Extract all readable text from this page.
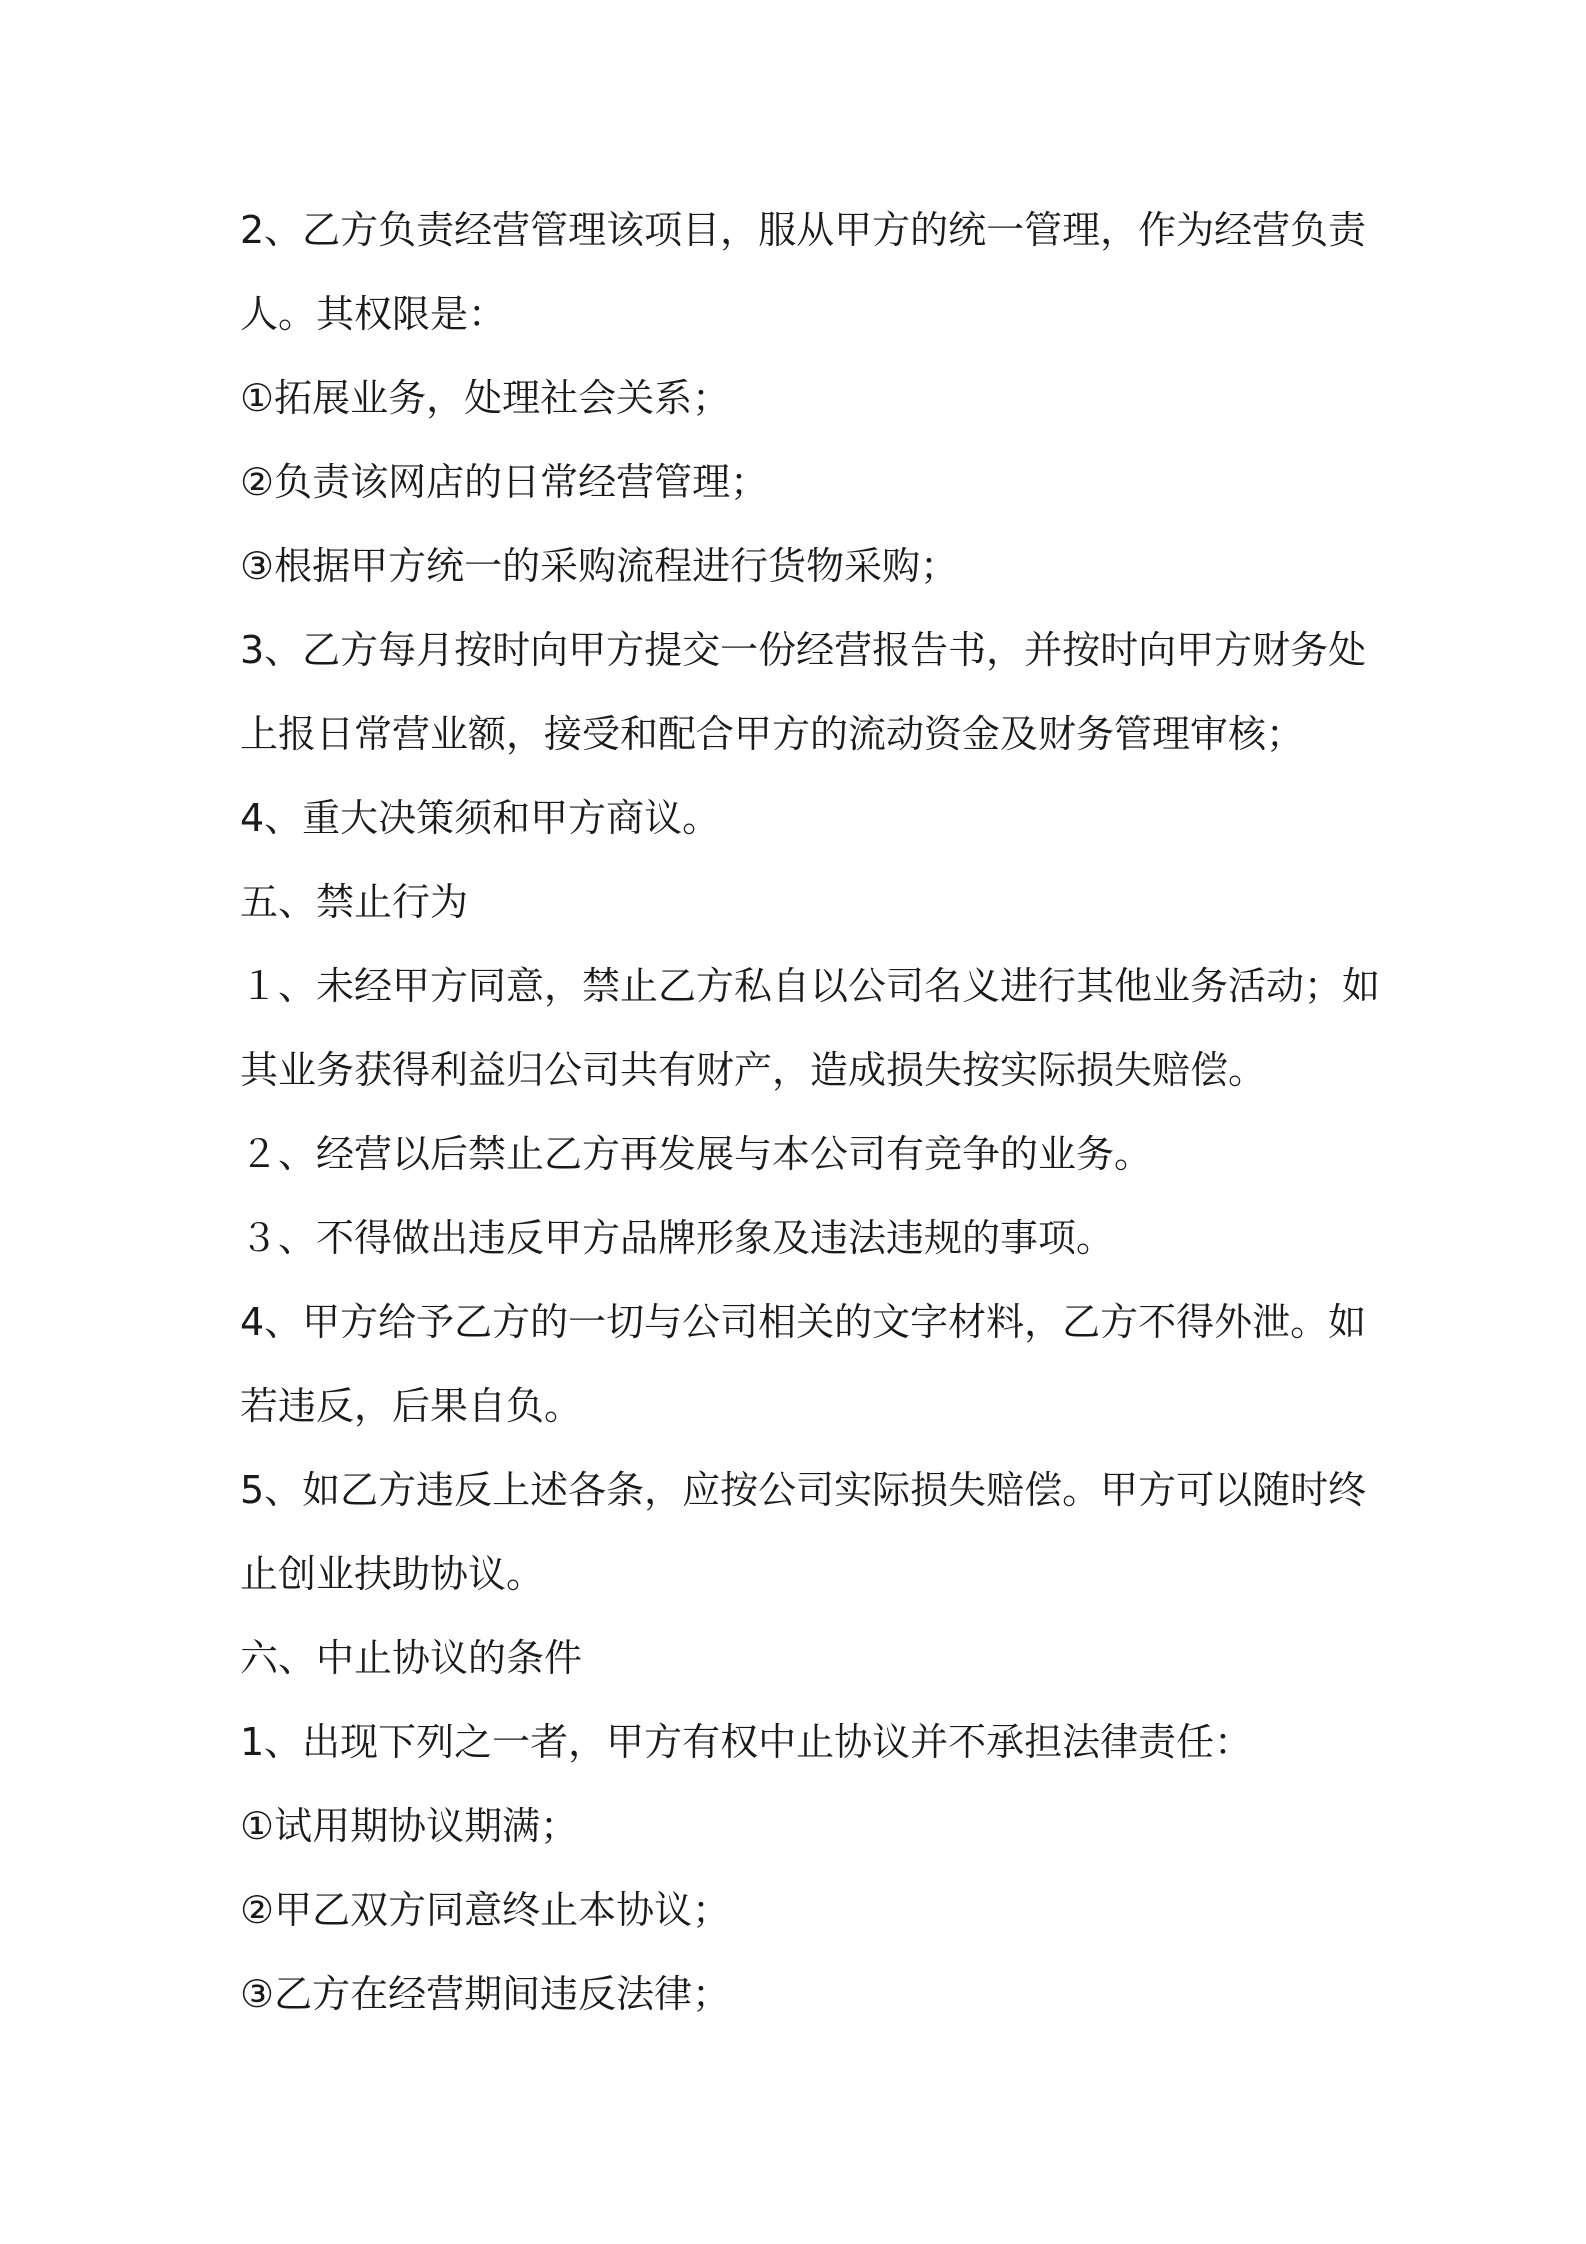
2、乙方负责经营管理该项目，服从甲方的统一管理，作为经营负责
人。其权限是：
①拓展业务，处理社会关系；
②负责该网店的日常经营管理；
③根据甲方统一的采购流程进行货物采购；
3、乙方每月按时向甲方提交一份经营报告书，并按时向甲方财务处
上报日常营业额，接受和配合甲方的流动资金及财务管理审核；
4、重大决策须和甲方商议。
五、禁止行为
１、未经甲方同意，禁止乙方私自以公司名义进行其他业务活动；如
其业务获得利益归公司共有财产，造成损失按实际损失赔偿。
２、经营以后禁止乙方再发展与本公司有竞争的业务。
３、不得做出违反甲方品牌形象及违法违规的事项。
4、甲方给予乙方的一切与公司相关的文字材料，乙方不得外泄。如
若违反，后果自负。
5、如乙方违反上述各条，应按公司实际损失赔偿。甲方可以随时终
止创业扶助协议。
六、中止协议的条件
1、出现下列之一者，甲方有权中止协议并不承担法律责任：
①试用期协议期满；
②甲乙双方同意终止本协议；
③乙方在经营期间违反法律；
